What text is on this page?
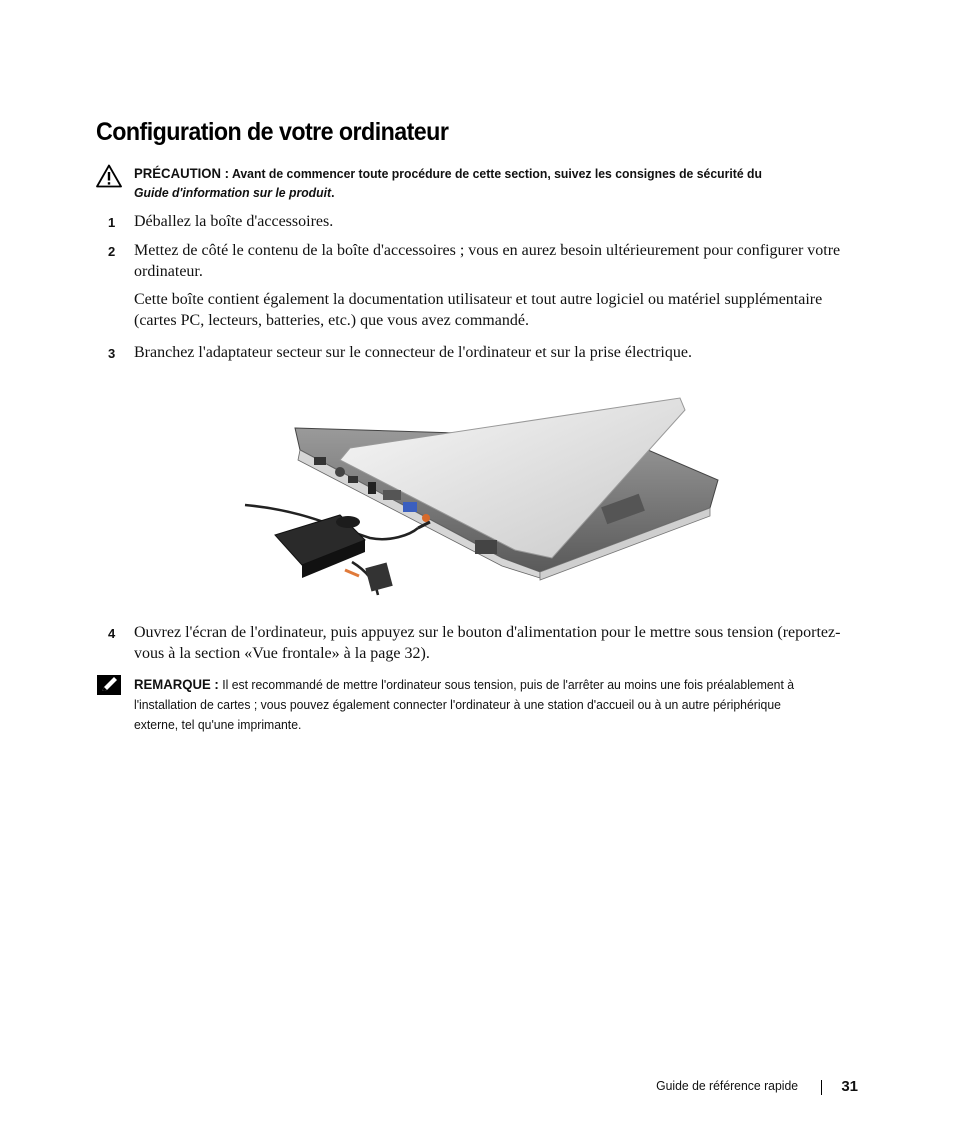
Configuration de votre ordinateur
PRÉCAUTION : Avant de commencer toute procédure de cette section, suivez les consignes de sécurité du
Guide d'information sur le produit.
1 Déballez la boîte d'accessoires.
2 Mettez de côté le contenu de la boîte d'accessoires ; vous en aurez besoin ultérieurement pour configurer votre ordinateur.
Cette boîte contient également la documentation utilisateur et tout autre logiciel ou matériel supplémentaire (cartes PC, lecteurs, batteries, etc.) que vous avez commandé.
3 Branchez l'adaptateur secteur sur le connecteur de l'ordinateur et sur la prise électrique.
4 Ouvrez l'écran de l'ordinateur, puis appuyez sur le bouton d'alimentation pour le mettre sous tension (reportez-vous à la section «Vue frontale» à la page 32).
REMARQUE : Il est recommandé de mettre l'ordinateur sous tension, puis de l'arrêter au moins une fois préalablement à l'installation de cartes ; vous pouvez également connecter l'ordinateur à une station d'accueil ou à un autre périphérique externe, tel qu'une imprimante.
Guide de référence rapide	31
